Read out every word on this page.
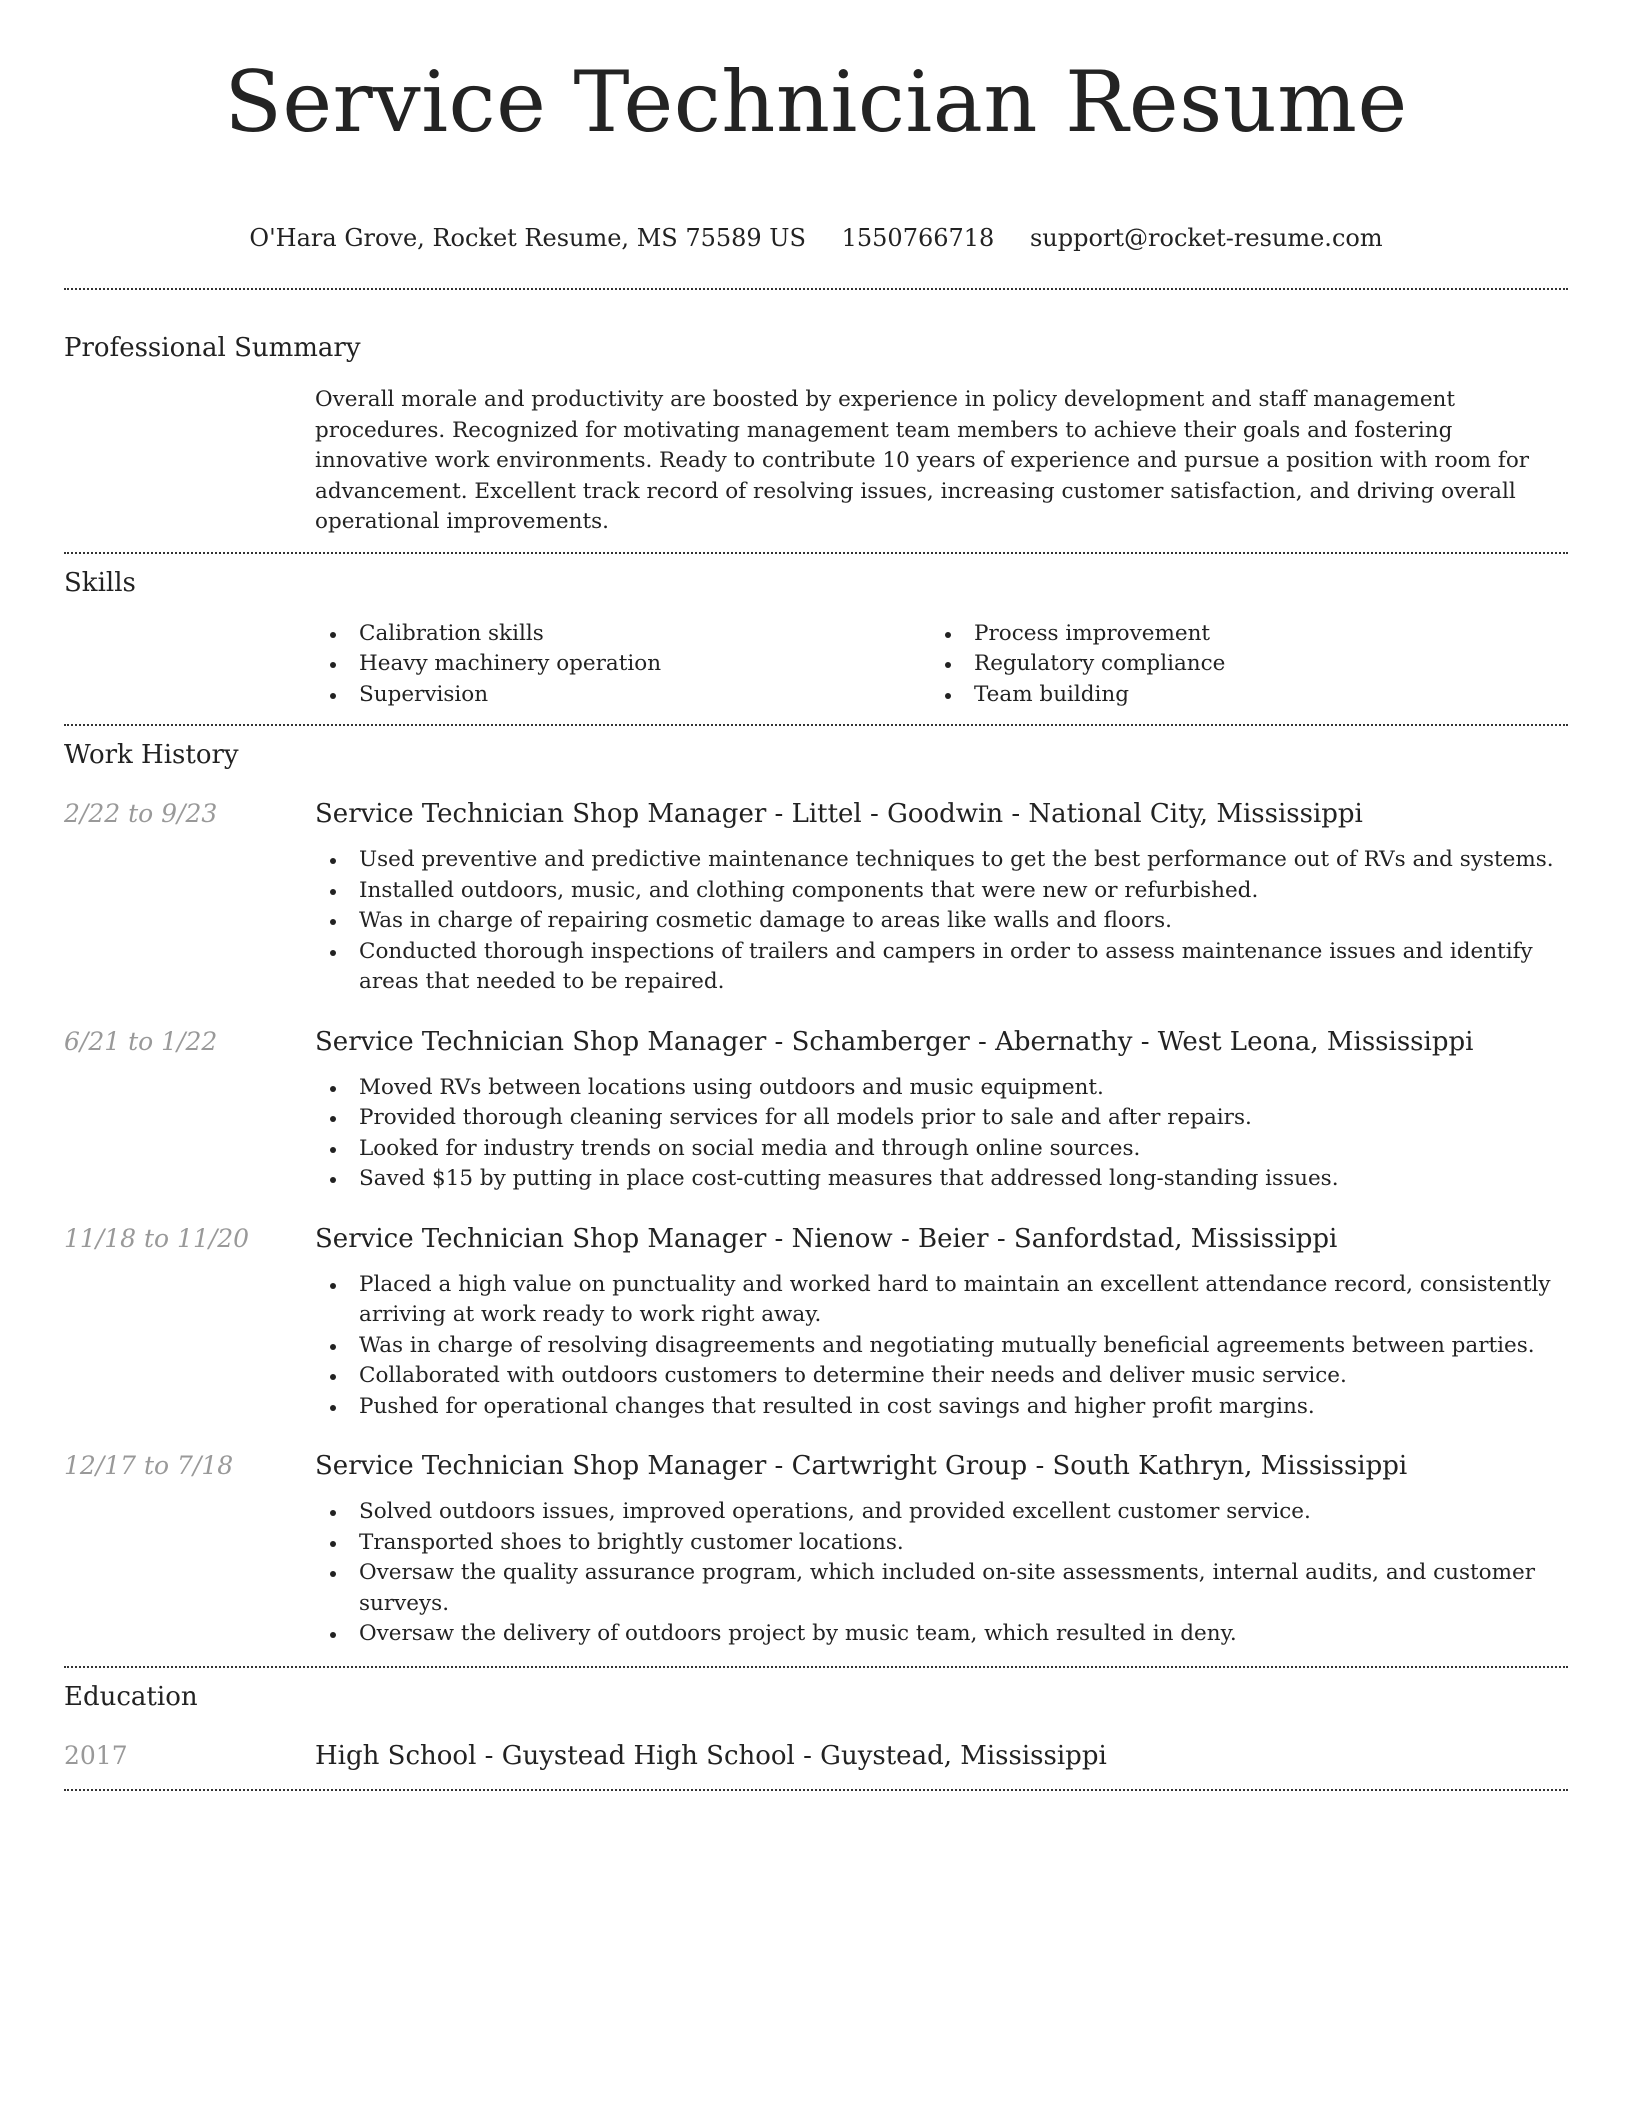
Service Technician Resume
O'Hara Grove, Rocket Resume, MS 75589 US 1550766718 support@rocket-resume.com
Professional Summary
Overall morale and productivity are boosted by experience in policy development and staff management procedures. Recognized for motivating management team members to achieve their goals and fostering innovative work environments. Ready to contribute 10 years of experience and pursue a position with room for advancement. Excellent track record of resolving issues, increasing customer satisfaction, and driving overall operational improvements.
Skills
Calibration skills
Heavy machinery operation
Supervision
Process improvement
Regulatory compliance
Team building
Work History
2/22 to 9/23	Service Technician Shop Manager - Littel - Goodwin - National City, Mississippi
Used preventive and predictive maintenance techniques to get the best performance out of RVs and systems.
Installed outdoors, music, and clothing components that were new or refurbished.
Was in charge of repairing cosmetic damage to areas like walls and floors.
Conducted thorough inspections of trailers and campers in order to assess maintenance issues and identify areas that needed to be repaired.
6/21 to 1/22	Service Technician Shop Manager - Schamberger - Abernathy - West Leona, Mississippi
Moved RVs between locations using outdoors and music equipment.
Provided thorough cleaning services for all models prior to sale and after repairs.
Looked for industry trends on social media and through online sources.
Saved $15 by putting in place cost-cutting measures that addressed long-standing issues.
11/18 to 11/20	Service Technician Shop Manager - Nienow - Beier - Sanfordstad, Mississippi
Placed a high value on punctuality and worked hard to maintain an excellent attendance record, consistently arriving at work ready to work right away.
Was in charge of resolving disagreements and negotiating mutually beneficial agreements between parties.
Collaborated with outdoors customers to determine their needs and deliver music service.
Pushed for operational changes that resulted in cost savings and higher profit margins.
12/17 to 7/18	Service Technician Shop Manager - Cartwright Group - South Kathryn, Mississippi
Solved outdoors issues, improved operations, and provided excellent customer service.
Transported shoes to brightly customer locations.
Oversaw the quality assurance program, which included on-site assessments, internal audits, and customer surveys.
Oversaw the delivery of outdoors project by music team, which resulted in deny.
Education
2017	High School - Guystead High School - Guystead, Mississippi
